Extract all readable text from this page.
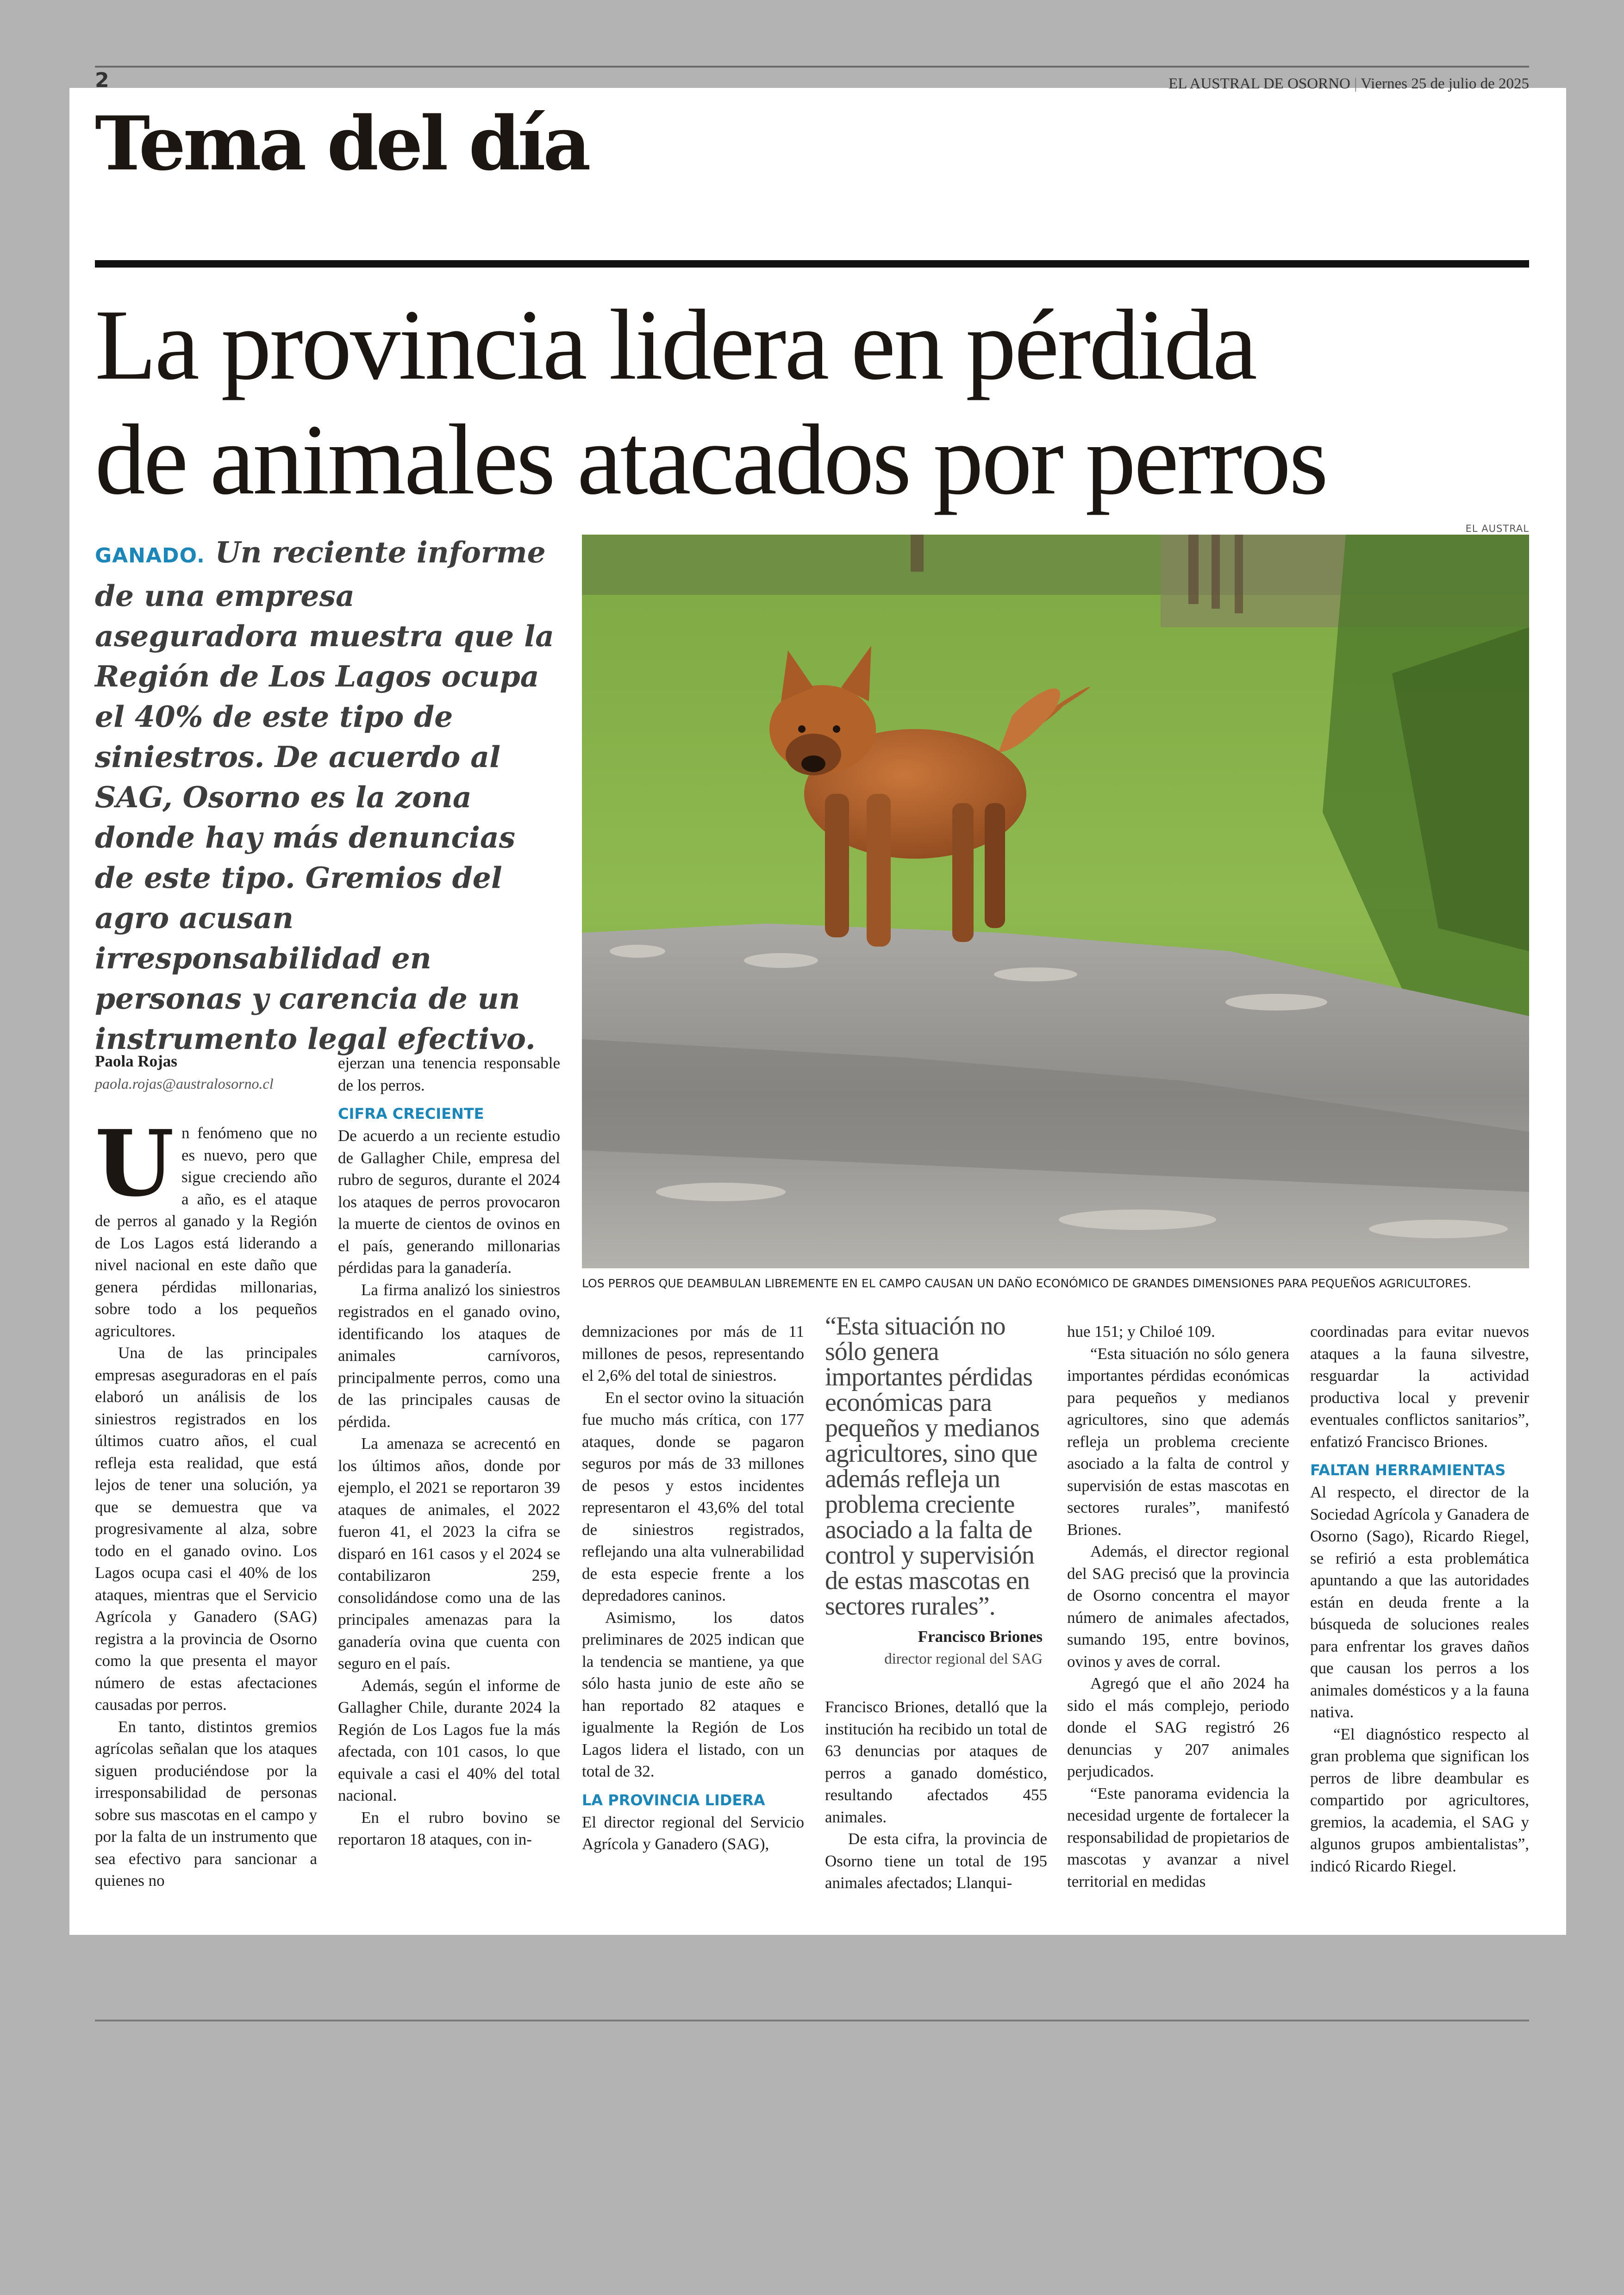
2	EL AUSTRAL DE OSORNO | Viernes 25 de julio de 2025
Tema del día
La provincia lidera en pérdida
de animales atacados por perros
EL AUSTRAL
LOS PERROS QUE DEAMBULAN LIBREMENTE EN EL CAMPO CAUSAN UN DAÑO ECONÓMICO DE GRANDES DIMENSIONES PARA PEQUEÑOS AGRICULTORES.
GANADO. Un reciente informe de una empresa aseguradora muestra que la Región de Los Lagos ocupa el 40% de este tipo de siniestros. De acuerdo al SAG, Osorno es la zona donde hay más denuncias de este tipo. Gremios del agro acusan irresponsabilidad en personas y carencia de un instrumento legal efectivo.
Paola Rojas
paola.rojas@australosorno.cl

Un fenómeno que no es nuevo, pero que sigue creciendo año a año, es el ataque de perros al ganado y la Región de Los Lagos está liderando a nivel nacional en este daño que genera pérdidas millonarias, sobre todo a los pequeños agricultores.

Una de las principales empresas aseguradoras en el país elaboró un análisis de los siniestros registrados en los últimos cuatro años, el cual refleja esta realidad, que está lejos de tener una solución, ya que se demuestra que va progresivamente al alza, sobre todo en el ganado ovino. Los Lagos ocupa casi el 40% de los ataques, mientras que el Servicio Agrícola y Ganadero (SAG) registra a la provincia de Osorno como la que presenta el mayor número de estas afectaciones causadas por perros.

En tanto, distintos gremios agrícolas señalan que los ataques siguen produciéndose por la irresponsabilidad de personas sobre sus mascotas en el campo y por la falta de un instrumento que sea efectivo para sancionar a quienes no

ejerzan una tenencia responsable de los perros.

CIFRA CRECIENTE

De acuerdo a un reciente estudio de Gallagher Chile, empresa del rubro de seguros, durante el 2024 los ataques de perros provocaron la muerte de cientos de ovinos en el país, generando millonarias pérdidas para la ganadería.

La firma analizó los siniestros registrados en el ganado ovino, identificando los ataques de animales carnívoros, principalmente perros, como una de las principales causas de pérdida.

La amenaza se acrecentó en los últimos años, donde por ejemplo, el 2021 se reportaron 39 ataques de animales, el 2022 fueron 41, el 2023 la cifra se disparó en 161 casos y el 2024 se contabilizaron 259, consolidándose como una de las principales amenazas para la ganadería ovina que cuenta con seguro en el país.

Además, según el informe de Gallagher Chile, durante 2024 la Región de Los Lagos fue la más afectada, con 101 casos, lo que equivale a casi el 40% del total nacional.

En el rubro bovino se reportaron 18 ataques, con in-

demnizaciones por más de 11 millones de pesos, representando el 2,6% del total de siniestros.

En el sector ovino la situación fue mucho más crítica, con 177 ataques, donde se pagaron seguros por más de 33 millones de pesos y estos incidentes representaron el 43,6% del total de siniestros registrados, reflejando una alta vulnerabilidad de esta especie frente a los depredadores caninos.

Asimismo, los datos preliminares de 2025 indican que la tendencia se mantiene, ya que sólo hasta junio de este año se han reportado 82 ataques e igualmente la Región de Los Lagos lidera el listado, con un total de 32.

LA PROVINCIA LIDERA

El director regional del Servicio Agrícola y Ganadero (SAG),

“Esta situación no sólo genera importantes pérdidas económicas para pequeños y medianos agricultores, sino que además refleja un problema creciente asociado a la falta de control y supervisión de estas mascotas en sectores rurales”.
Francisco Briones
director regional del SAG

Francisco Briones, detalló que la institución ha recibido un total de 63 denuncias por ataques de perros a ganado doméstico, resultando afectados 455 animales.

De esta cifra, la provincia de Osorno tiene un total de 195 animales afectados; Llanqui-

hue 151; y Chiloé 109.

“Esta situación no sólo genera importantes pérdidas económicas para pequeños y medianos agricultores, sino que además refleja un problema creciente asociado a la falta de control y supervisión de estas mascotas en sectores rurales”, manifestó Briones.

Además, el director regional del SAG precisó que la provincia de Osorno concentra el mayor número de animales afectados, sumando 195, entre bovinos, ovinos y aves de corral.

Agregó que el año 2024 ha sido el más complejo, periodo donde el SAG registró 26 denuncias y 207 animales perjudicados.

“Este panorama evidencia la necesidad urgente de fortalecer la responsabilidad de propietarios de mascotas y avanzar a nivel territorial en medidas

coordinadas para evitar nuevos ataques a la fauna silvestre, resguardar la actividad productiva local y prevenir eventuales conflictos sanitarios”, enfatizó Francisco Briones.

FALTAN HERRAMIENTAS

Al respecto, el director de la Sociedad Agrícola y Ganadera de Osorno (Sago), Ricardo Riegel, se refirió a esta problemática apuntando a que las autoridades están en deuda frente a la búsqueda de soluciones reales para enfrentar los graves daños que causan los perros a los animales domésticos y a la fauna nativa.

“El diagnóstico respecto al gran problema que significan los perros de libre deambular es compartido por agricultores, gremios, la academia, el SAG y algunos grupos ambientalistas”, indicó Ricardo Riegel.
